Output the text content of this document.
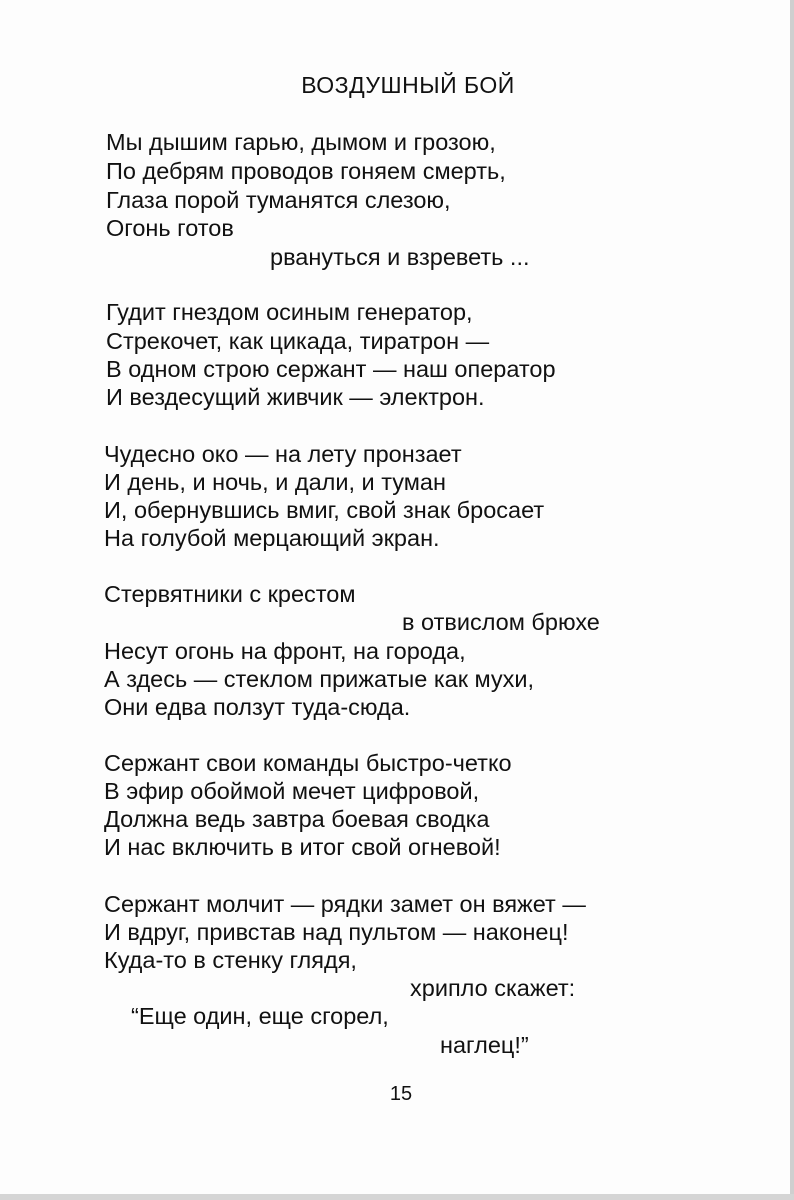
ВОЗДУШНЫЙ БОЙ
Мы дышим гарью, дымом и грозою,
По дебрям проводов гоняем смерть,
Глаза порой туманятся слезою,
Огонь готов
рвануться и взреветь ...
Гудит гнездом осиным генератор,
Стрекочет, как цикада, тиратрон —
В одном строю сержант — наш оператор
И вездесущий живчик — электрон.
Чудесно око — на лету пронзает
И день, и ночь, и дали, и туман
И, обернувшись вмиг, свой знак бросает
На голубой мерцающий экран.
Стервятники с крестом
в отвислом брюхе
Несут огонь на фронт, на города,
А здесь — стеклом прижатые как мухи,
Они едва ползут туда-сюда.
Сержант свои команды быстро-четко
В эфир обоймой мечет цифровой,
Должна ведь завтра боевая сводка
И нас включить в итог свой огневой!
Сержант молчит — рядки замет он вяжет —
И вдруг, привстав над пультом — наконец!
Куда-то в стенку глядя,
хрипло скажет:
“Еще один, еще сгорел,
наглец!”
15
